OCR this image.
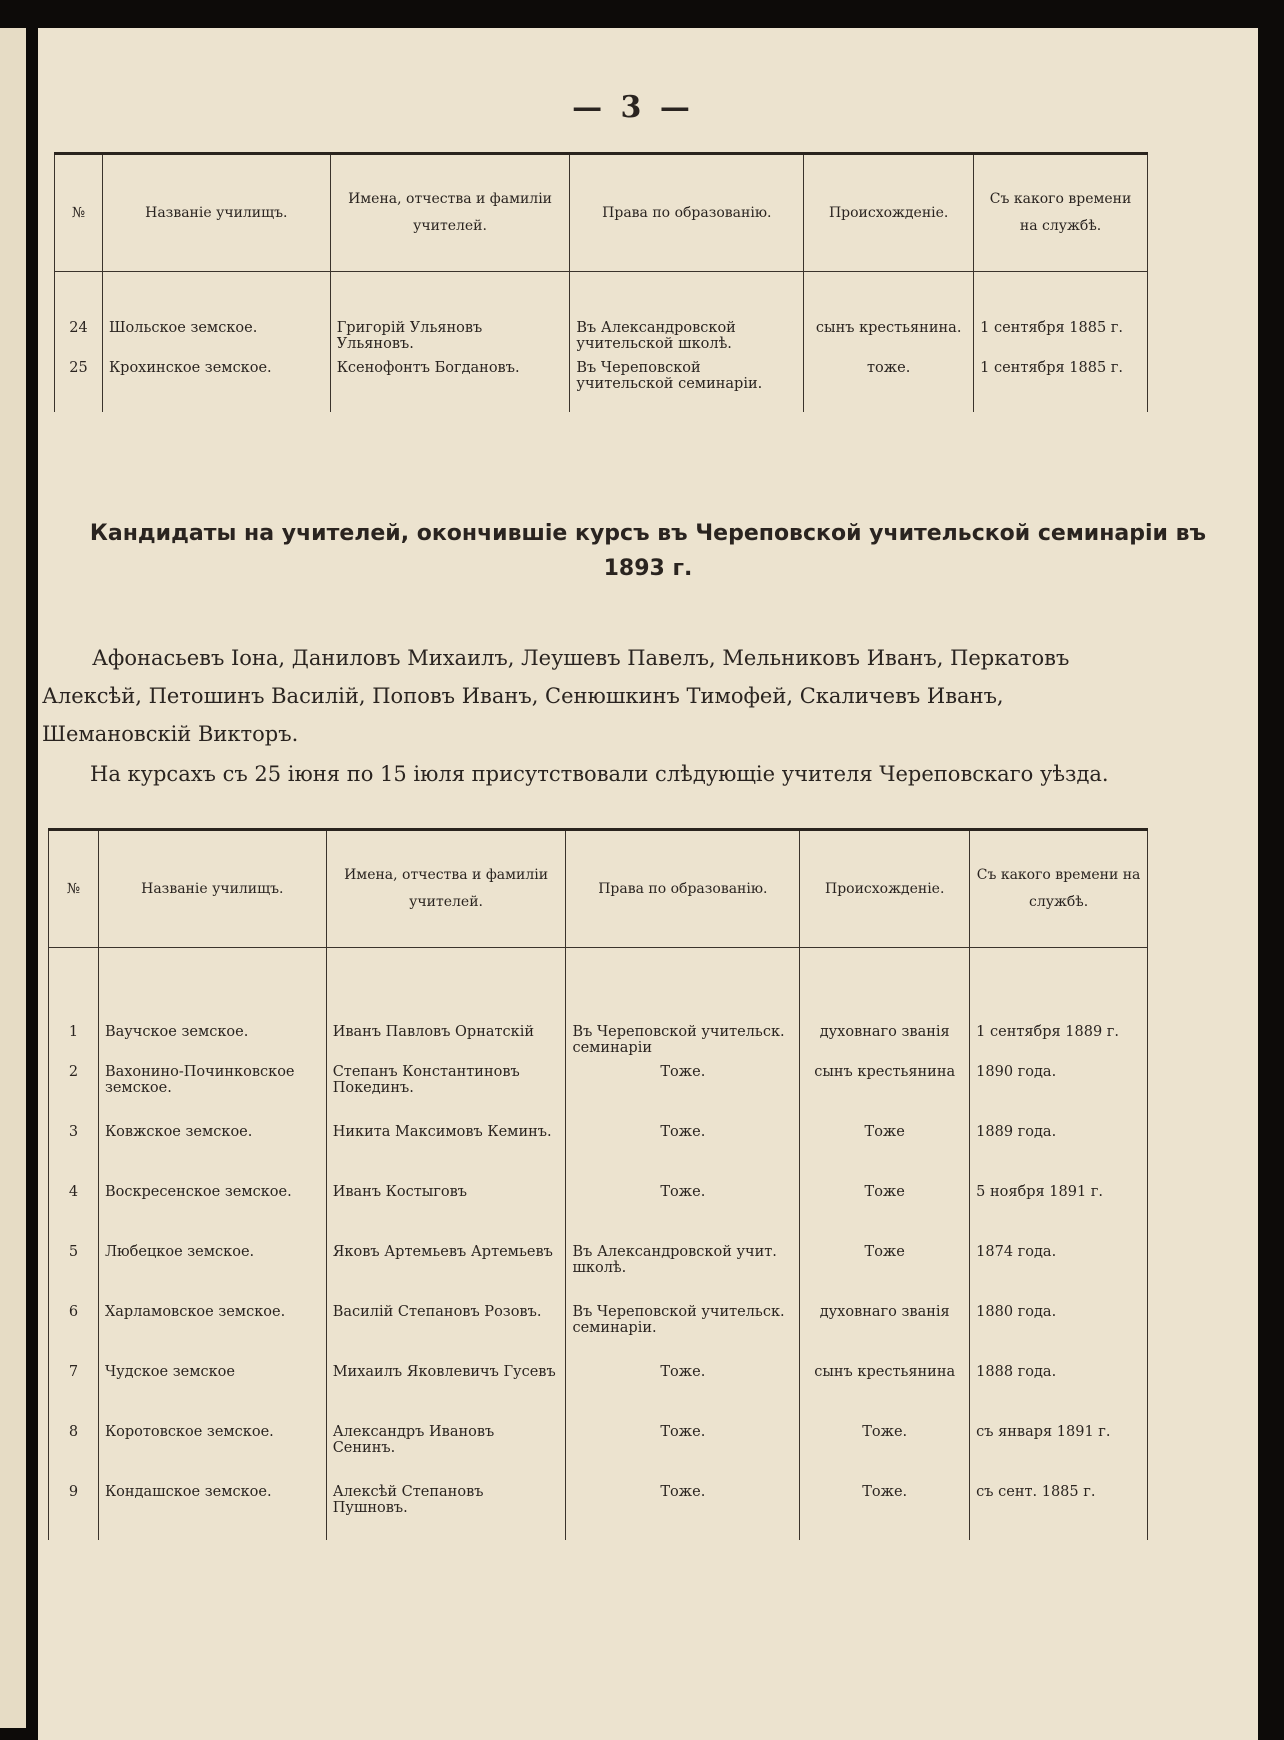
— 3 —
№	Названіе училищъ.	Имена, отчества и фамиліи учителей.	Права по образованію.	Происхожденіе.	Съ какого времени на службѣ.
24	Шольское земское.	Григорій Ульяновъ Ульяновъ.	Въ Александровской учительской школѣ.	сынъ крестьянина.	1 сентября 1885 г.
25	Крохинское земское.	Ксенофонтъ Богдановъ.	Въ Череповской учительской семинаріи.	тоже.	1 сентября 1885 г.
Кандидаты на учителей, окончившіе курсъ въ Череповской учительской семинаріи въ 1893 г.
Афонасьевъ Іона, Даниловъ Михаилъ, Леушевъ Павелъ, Мельниковъ Иванъ, Перкатовъ Алексѣй, Петошинъ Василій, Поповъ Иванъ, Сенюшкинъ Тимофей, Скаличевъ Иванъ, Шемановскій Викторъ.
На курсахъ съ 25 іюня по 15 іюля присутствовали слѣдующіе учителя Череповскаго уѣзда.
№	Названіе училищъ.	Имена, отчества и фамиліи учителей.	Права по образованію.	Происхожденіе.	Съ какого времени на службѣ.
1	Ваучское земское.	Иванъ Павловъ Орнатскій	Въ Череповской учительск. семинаріи	духовнаго званія	1 сентября 1889 г.
2	Вахонино-Починковское земское.	Степанъ Константиновъ Покединъ.	Тоже.	сынъ крестьянина	1890 года.
3	Ковжское земское.	Никита Максимовъ Кеминъ.	Тоже.	Тоже	1889 года.
4	Воскресенское земское.	Иванъ Костыговъ	Тоже.	Тоже	5 ноября 1891 г.
5	Любецкое земское.	Яковъ Артемьевъ Артемьевъ	Въ Александровской учит. школѣ.	Тоже	1874 года.
6	Харламовское земское.	Василій Степановъ Розовъ.	Въ Череповской учительск. семинаріи.	духовнаго званія	1880 года.
7	Чудское земское	Михаилъ Яковлевичъ Гусевъ	Тоже.	сынъ крестьянина	1888 года.
8	Коротовское земское.	Александръ Ивановъ Сенинъ.	Тоже.	Тоже.	съ января 1891 г.
9	Кондашское земское.	Алексѣй Степановъ Пушновъ.	Тоже.	Тоже.	съ сент. 1885 г.
